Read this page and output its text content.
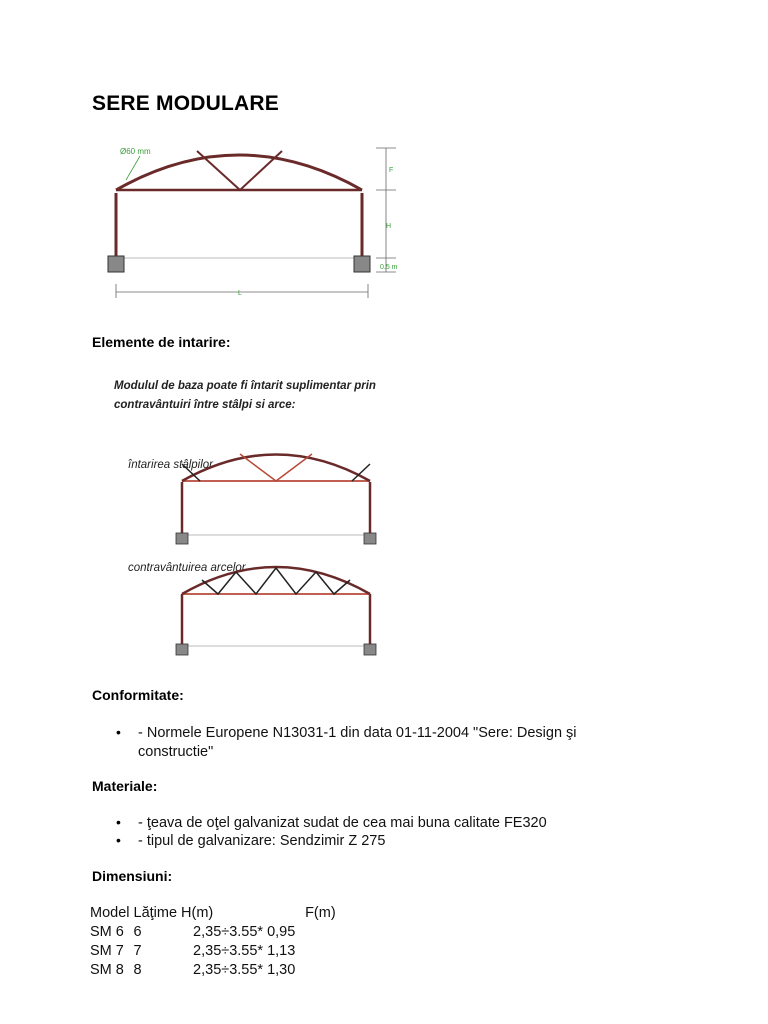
SERE MODULARE
Ø60 mm
F
H
0.5 m
L
Elemente de intarire:
Modulul de baza poate fi întarit suplimentar prin
contravântuiri între stâlpi si arce:
întarirea stâlpilor
contravântuirea arcelor
Conformitate:
• - Normele Europene N13031-1 din data 01-11-2004 "Sere: Design şi
constructie"
Materiale:
• - ţeava de oţel galvanizat sudat de cea mai buna calitate FE320
• - tipul de galvanizare: Sendzimir Z 275
Dimensiuni:
Model	Lăţime	H(m)	F(m)
SM 6	6	2,35÷3.55*	0,95
SM 7	7	2,35÷3.55*	1,13
SM 8	8	2,35÷3.55*	1,30
